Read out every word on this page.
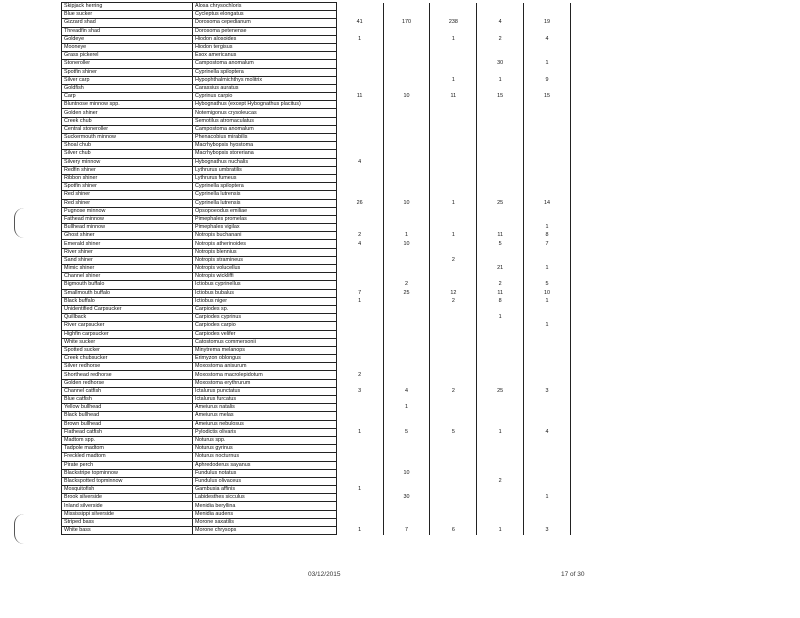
Skipjack herring	Alosa chrysochloris					
Blue sucker	Cycleptus elongatus					
Gizzard shad	Dorosoma cepedianum	41	170	238	4	19
Threadfin shad	Dorosoma petenense					
Goldeye	Hiodon alosoides	1		1	2	4
Mooneye	Hiodon tergisus					
Grass pickerel	Esox americanus					
Stoneroller	Campostoma anomalum				30	1
Spotfin shiner	Cyprinella spiloptera					
Silver carp	Hypophthalmichthys molitrix			1	1	9
Goldfish	Carassius auratus					
Carp	Cyprinus carpio	11	10	11	15	15
Bluntnose minnow spp.	Hybognathus (except Hybognathus placitus)					
Golden shiner	Notemigonus crysoleucas					
Creek chub	Semotilus atromaculatus					
Central stoneroller	Campostoma anomalum					
Suckermouth minnow	Phenacobius mirabilis					
Shoal chub	Macrhybopsis hyostoma					
Silver chub	Macrhybopsis storeriana					
Silvery minnow	Hybognathus nuchalis	4				
Redfin shiner	Lythrurus umbratilis					
Ribbon shiner	Lythrurus fumeus					
Spotfin shiner	Cyprinella spiloptera					
Red shiner	Cyprinella lutrensis					
Red shiner	Cyprinella lutrensis	26	10	1	25	14
Pugnose minnow	Opsopoeodus emiliae					
Fathead minnow	Pimephales promelas					
Bullhead minnow	Pimephales vigilax					1
Ghost shiner	Notropis buchanani	2	1	1	11	8
Emerald shiner	Notropis atherinoides	4	10		5	7
River shiner	Notropis blennius					
Sand shiner	Notropis stramineus			2		
Mimic shiner	Notropis volucellus				21	1
Channel shiner	Notropis wickliffi					
Bigmouth buffalo	Ictiobus cyprinellus		2		2	5
Smallmouth buffalo	Ictiobus bubalus	7	25	12	11	10
Black buffalo	Ictiobus niger	1		2	8	1
Unidentified Carpsucker	Carpiodes sp.					
Quillback	Carpiodes cyprinus				1	
River carpsucker	Carpiodes carpio					1
Highfin carpsucker	Carpiodes velifer					
White sucker	Catostomus commersonii					
Spotted sucker	Minytrema melanops					
Creek chubsucker	Erimyzon oblongus					
Silver redhorse	Moxostoma anisurum					
Shorthead redhorse	Moxostoma macrolepidotum	2				
Golden redhorse	Moxostoma erythrurum					
Channel catfish	Ictalurus punctatus	3	4	2	25	3
Blue catfish	Ictalurus furcatus					
Yellow bullhead	Ameiurus natalis		1			
Black bullhead	Ameiurus melas					
Brown bullhead	Ameiurus nebulosus					
Flathead catfish	Pylodictis olivaris	1	5	5	1	4
Madtom spp.	Noturus spp.					
Tadpole madtom	Noturus gyrinus					
Freckled madtom	Noturus nocturnus					
Pirate perch	Aphredoderus sayanus					
Blackstripe topminnow	Fundulus notatus		10			
Blackspotted topminnow	Fundulus olivaceus				2	
Mosquitofish	Gambusia affinis	1				
Brook silverside	Labidesthes sicculus		30			1
Inland silverside	Menidia beryllina					
Mississippi silverside	Menidia audens					
Striped bass	Morone saxatilis					
White bass	Morone chrysops	1	7	6	1	3
03/12/2015	17 of 30
